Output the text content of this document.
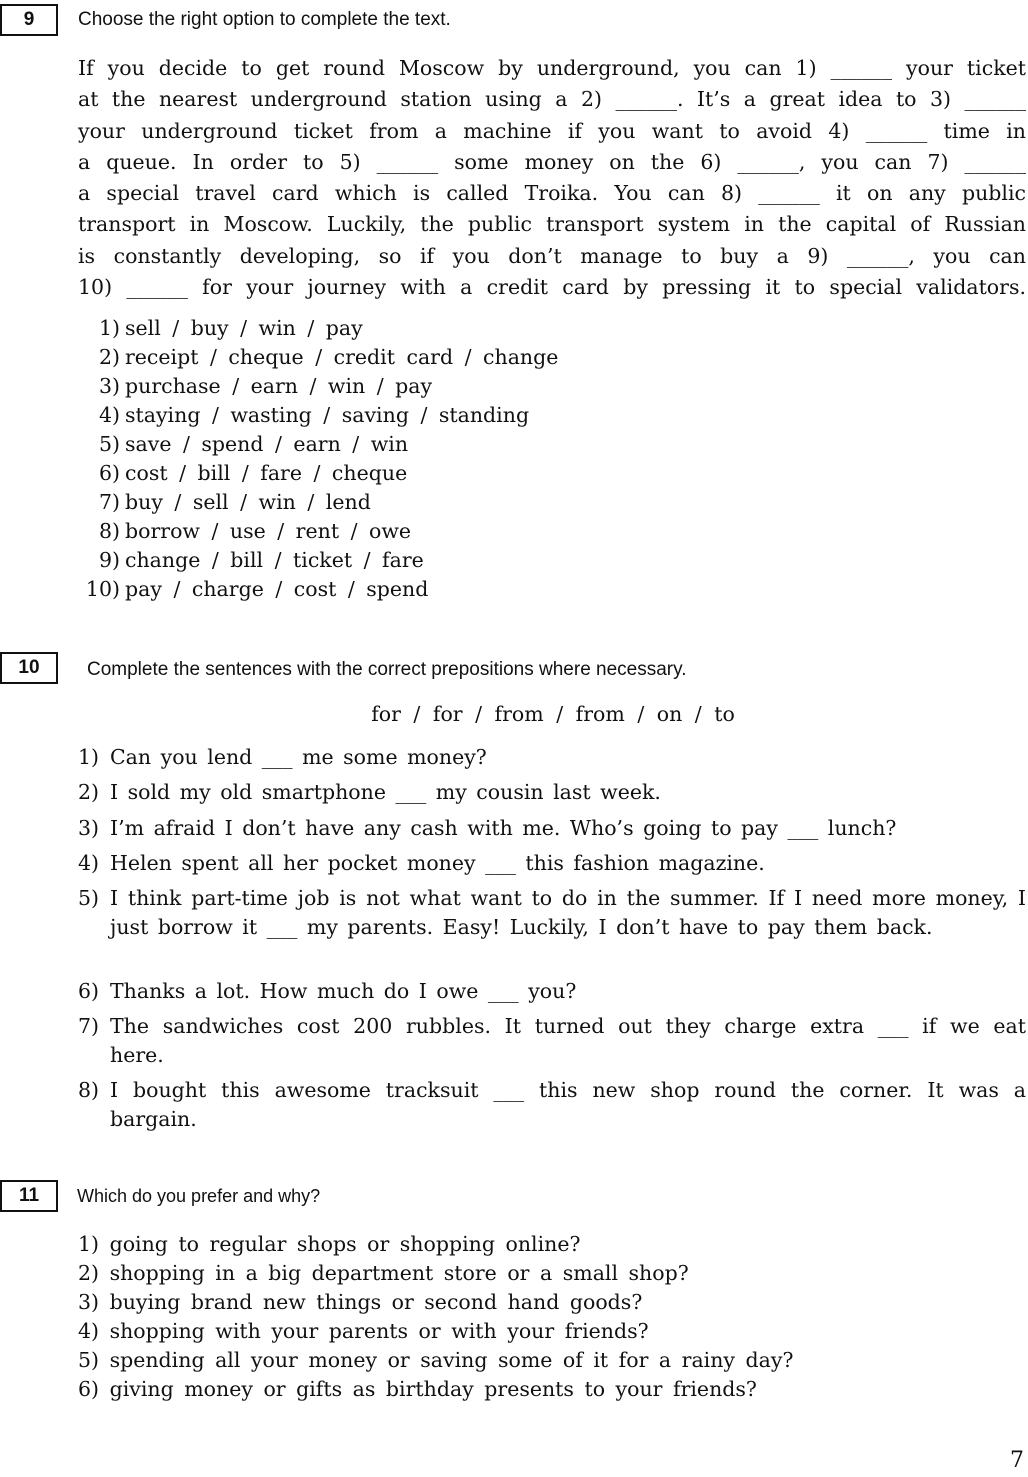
9	Choose the right option to complete the text.
If you decide to get round Moscow by underground, you can 1) ______ your ticket
at the nearest underground station using a 2) ______. It’s a great idea to 3) ______
your underground ticket from a machine if you want to avoid 4) ______ time in
a queue. In order to 5) ______ some money on the 6) ______, you can 7) ______
a special travel card which is called Troika. You can 8) ______ it on any public
transport in Moscow. Luckily, the public transport system in the capital of Russian
is constantly developing, so if you don’t manage to buy a 9) ______, you can
10) ______ for your journey with a credit card by pressing it to special validators.
1) sell / buy / win / pay
2) receipt / cheque / credit card / change
3) purchase / earn / win / pay
4) staying / wasting / saving / standing
5) save / spend / earn / win
6) cost / bill / fare / cheque
7) buy / sell / win / lend
8) borrow / use / rent / owe
9) change / bill / ticket / fare
10) pay / charge / cost / spend
10	Complete the sentences with the correct prepositions where necessary.
for / for / from / from / on / to
1) Can you lend ___ me some money?
2) I sold my old smartphone ___ my cousin last week.
3) I’m afraid I don’t have any cash with me. Who’s going to pay ___ lunch?
4) Helen spent all her pocket money ___ this fashion magazine.
5) I think part-time job is not what want to do in the summer. If I need more money, I just borrow it ___ my parents. Easy! Luckily, I don’t have to pay them back.
6) Thanks a lot. How much do I owe ___ you?
7) The sandwiches cost 200 rubbles. It turned out they charge extra ___ if we eat here.
8) I bought this awesome tracksuit ___ this new shop round the corner. It was a bargain.
11	Which do you prefer and why?
1) going to regular shops or shopping online?
2) shopping in a big department store or a small shop?
3) buying brand new things or second hand goods?
4) shopping with your parents or with your friends?
5) spending all your money or saving some of it for a rainy day?
6) giving money or gifts as birthday presents to your friends?
7
